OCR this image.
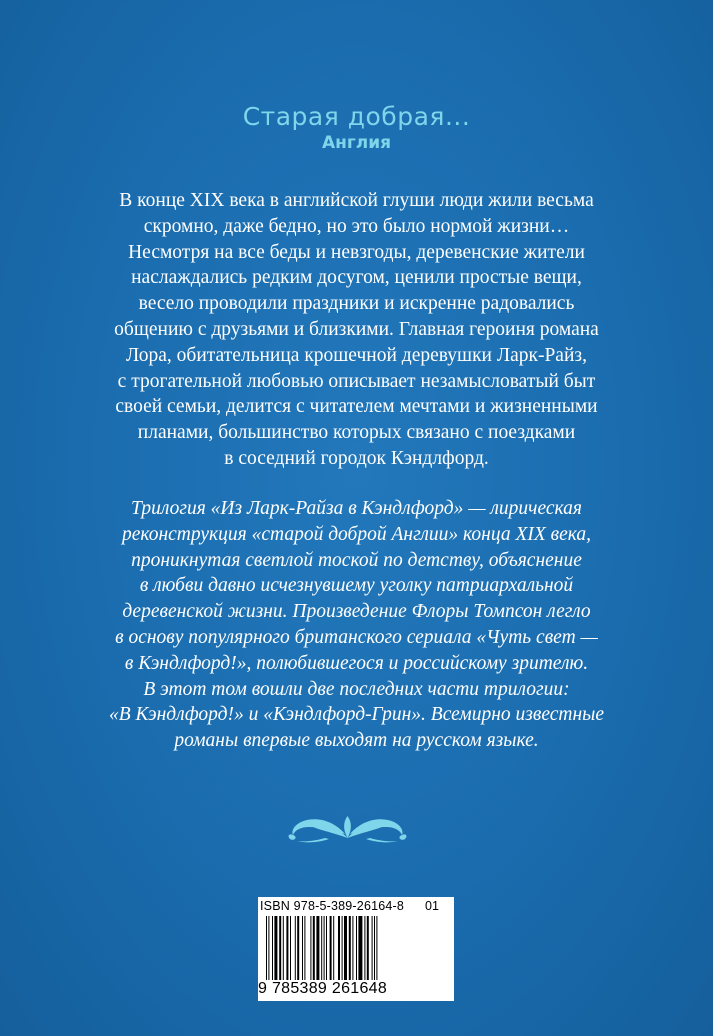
Старая добрая...
Англия
В конце XIX века в английской глуши люди жили весьма
скромно, даже бедно, но это было нормой жизни…
Несмотря на все беды и невзгоды, деревенские жители
наслаждались редким досугом, ценили простые вещи,
весело проводили праздники и искренне радовались
общению с друзьями и близкими. Главная героиня романа
Лора, обитательница крошечной деревушки Ларк-Райз,
с трогательной любовью описывает незамысловатый быт
своей семьи, делится с читателем мечтами и жизненными
планами, большинство которых связано с поездками
в соседний городок Кэндлфорд.
Трилогия «Из Ларк-Райза в Кэндлфорд» — лирическая
реконструкция «старой доброй Англии» конца XIX века,
проникнутая светлой тоской по детству, объяснение
в любви давно исчезнувшему уголку патриархальной
деревенской жизни. Произведение Флоры Томпсон легло
в основу популярного британского сериала «Чуть свет —
в Кэндлфорд!», полюбившегося и российскому зрителю.
В этот том вошли две последних части трилогии:
«В Кэндлфорд!» и «Кэндлфорд-Грин». Всемирно известные
романы впервые выходят на русском языке.
ISBN 978-5-389-26164-8 01
9 785389 261648
